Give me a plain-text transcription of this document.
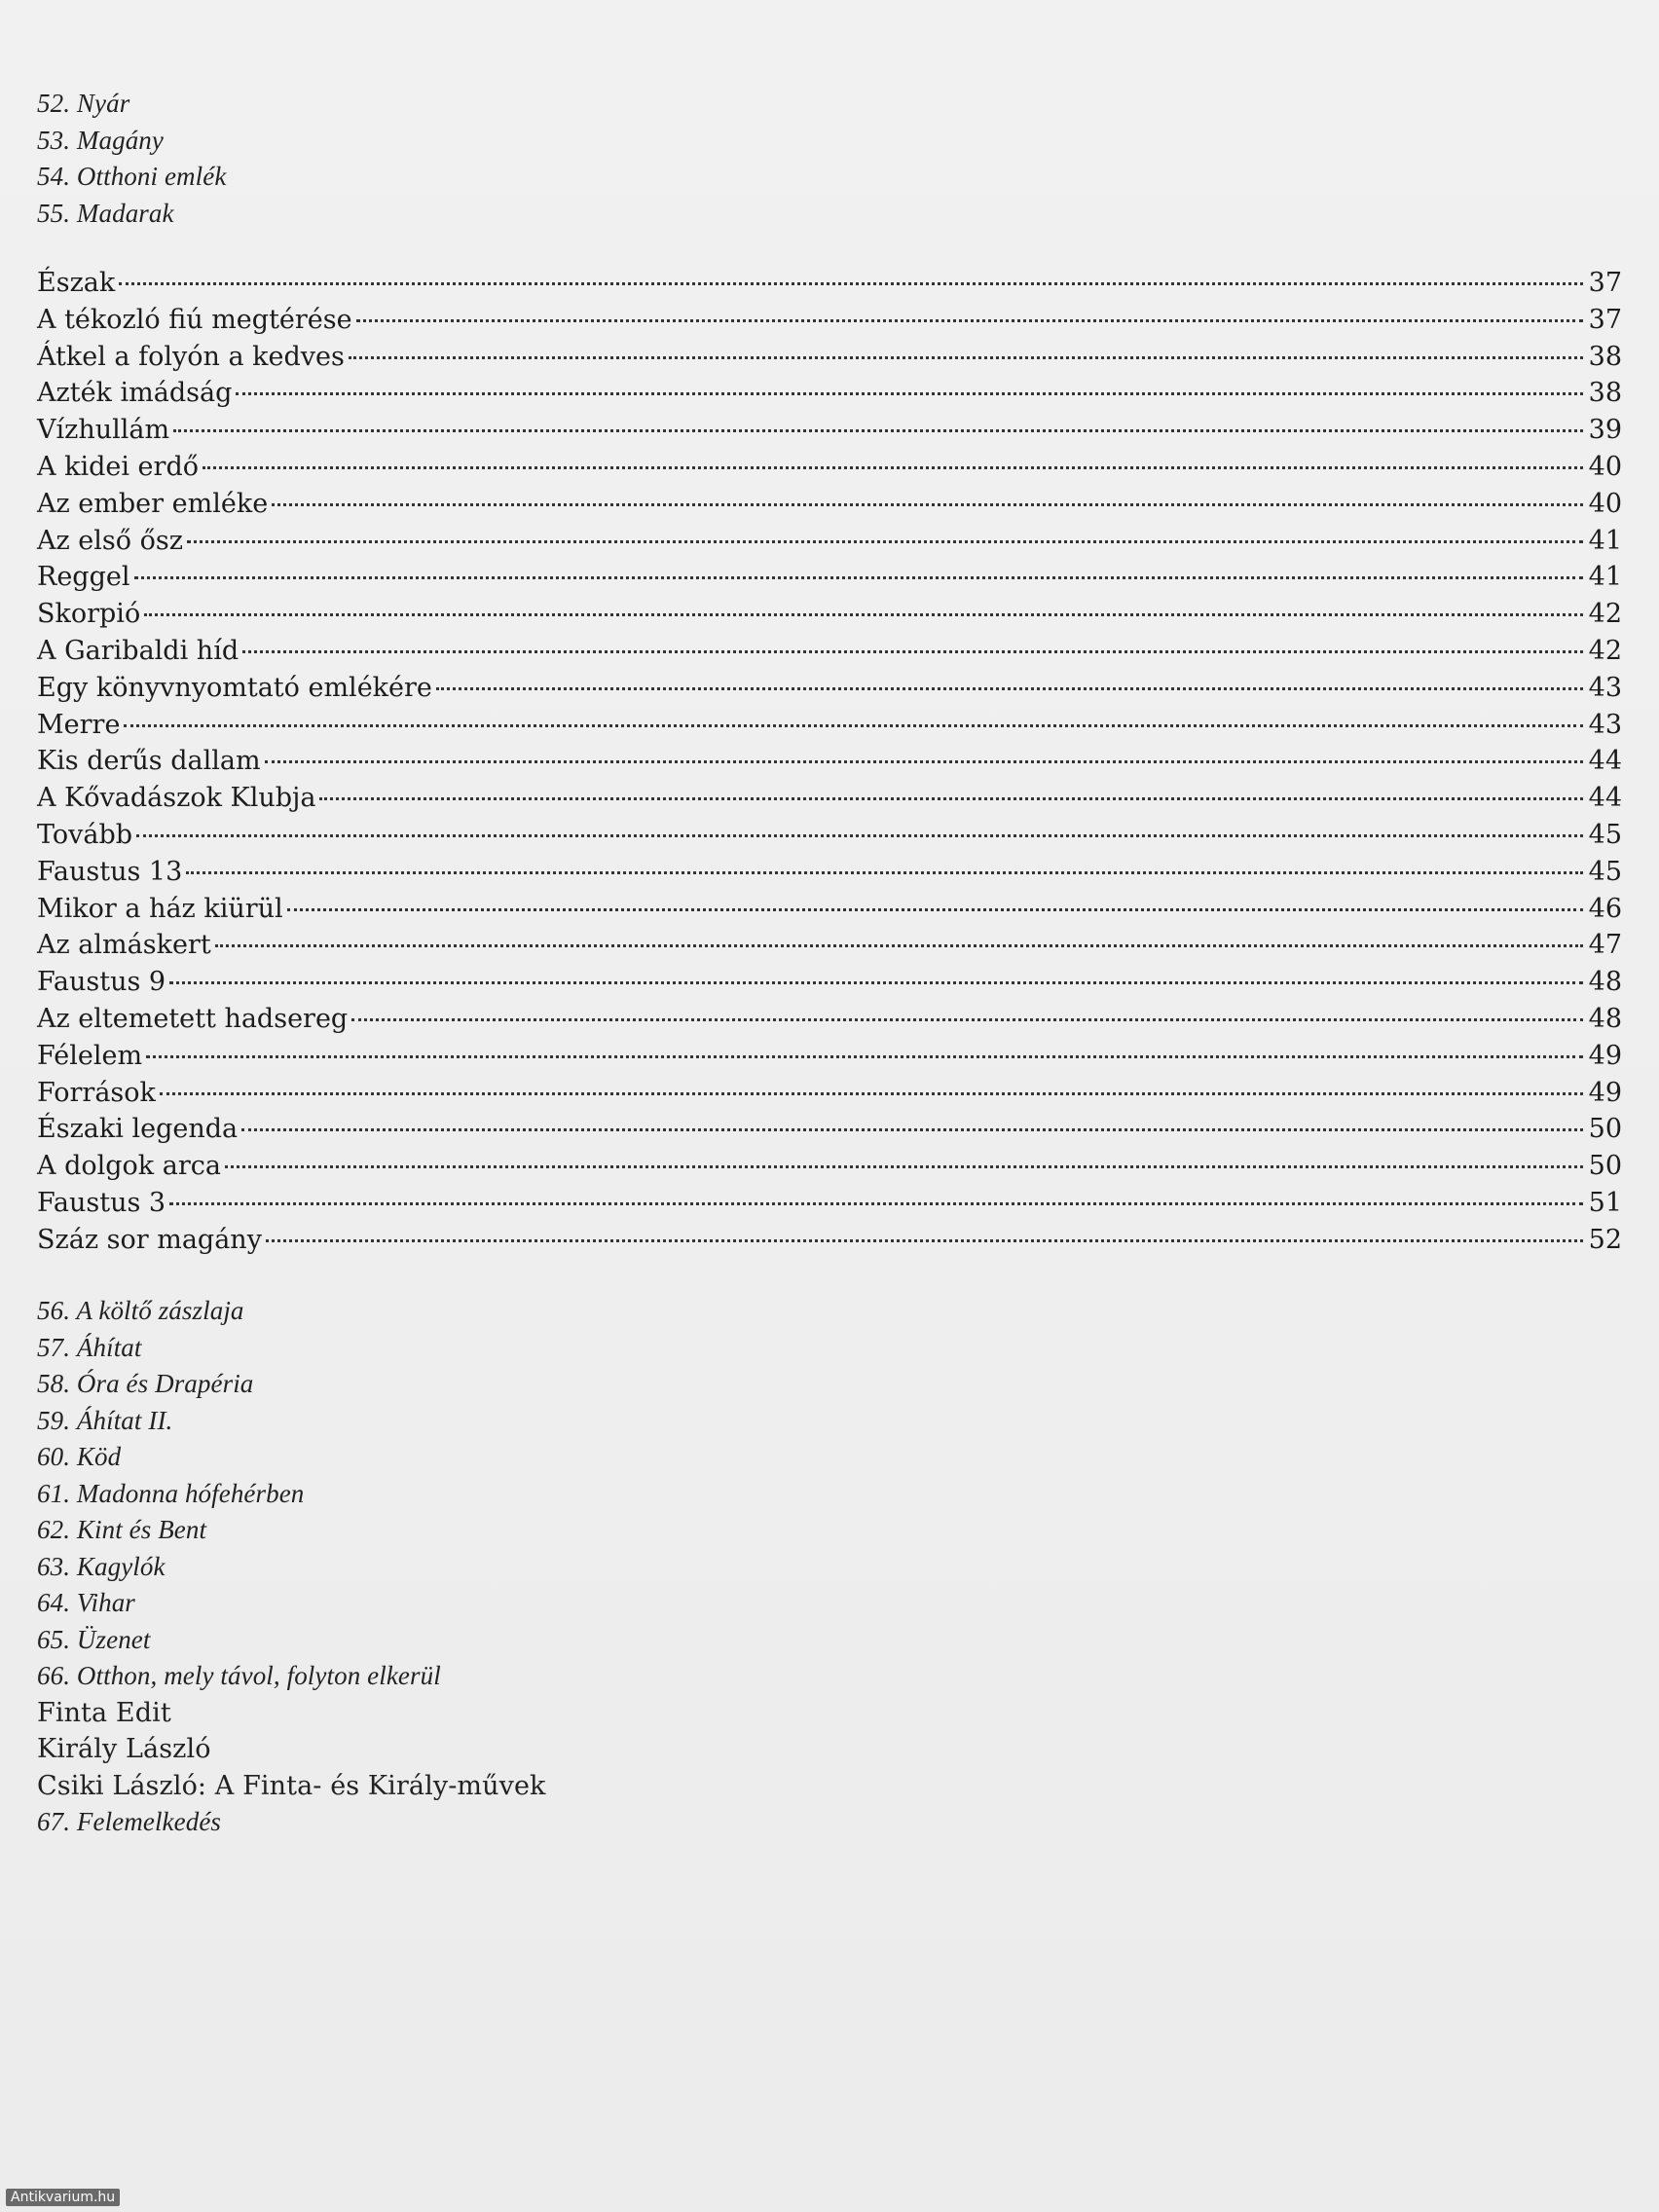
52. Nyár
53. Magány
54. Otthoni emlék
55. Madarak
Észak	37
A tékozló fiú megtérése	37
Átkel a folyón a kedves	38
Azték imádság	38
Vízhullám	39
A kidei erdő	40
Az ember emléke	40
Az első ősz	41
Reggel	41
Skorpió	42
A Garibaldi híd	42
Egy könyvnyomtató emlékére	43
Merre	43
Kis derűs dallam	44
A Kővadászok Klubja	44
Tovább	45
Faustus 13	45
Mikor a ház kiürül	46
Az almáskert	47
Faustus 9	48
Az eltemetett hadsereg	48
Félelem	49
Források	49
Északi legenda	50
A dolgok arca	50
Faustus 3	51
Száz sor magány	52
56. A költő zászlaja
57. Áhítat
58. Óra és Drapéria
59. Áhítat II.
60. Köd
61. Madonna hófehérben
62. Kint és Bent
63. Kagylók
64. Vihar
65. Üzenet
66. Otthon, mely távol, folyton elkerül
Finta Edit
Király László
Csiki László: A Finta- és Király-művek
67. Felemelkedés
Antikvarium.hu
